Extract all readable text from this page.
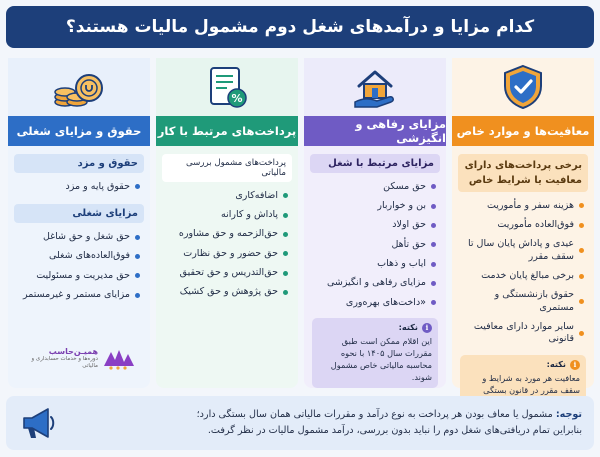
کدام مزایا و درآمدهای شغل دوم مشمول مالیات هستند؟
معافیت‌ها و موارد خاص
برخی پرداخت‌های دارای معافیت یا شرایط خاص
هزینه سفر و مأموریت
فوق‌العاده مأموریت
عیدی و پاداش پایان سال تا سقف مقرر
برخی مبالغ پایان خدمت
حقوق بازنشستگی و مستمری
سایر موارد دارای معافیت قانونی
i
نکته:
معافیت هر مورد به شرایط و سقف مقرر در قانون بستگی
مزایای رفاهی و انگیزشی
مزایای مرتبط با شغل
حق مسکن
بن و خواربار
حق اولاد
حق تأهل
ایاب و ذهاب
مزایای رفاهی و انگیزشی
«داخت‌های بهره‌وری
i
نکته:
این اقلام ممکن است طبق مقررات سال ۱۴۰۵ با نحوه محاسبه مالیاتی خاص مشمول شوند.
%
پرداخت‌های مرتبط با کار
پرداخت‌های مشمول بررسی مالیاتی
اضافه‌کاری
پاداش و کارانه
حق‌الزحمه و حق مشاوره
حق حضور و حق نظارت
حق‌التدریس و حق تحقیق
حق پژوهش و حق کشیک
حقوق و مزایای شغلی
حقوق و مزد
حقوق پایه و مزد
مزایای شغلی
حق شغل و حق شاغل
فوق‌العاده‌های شغلی
حق مدیریت و مسئولیت
مزایای مستمر و غیرمستمر
همیـن‌حاسب
دوره‌ها و خدمات حسابداری و مالیاتی
توجه: مشمول یا معاف بودن هر پرداخت به نوع درآمد و مقررات مالیاتی همان سال بستگی دارد؛
بنابراین تمام دریافتی‌های شغل دوم را نباید بدون بررسی، درآمد مشمول مالیات در نظر گرفت.
